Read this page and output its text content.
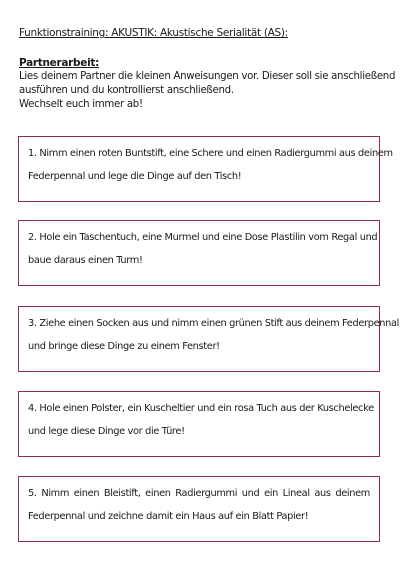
Funktionstraining: AKUSTIK: Akustische Serialität (AS):
Partnerarbeit:
Lies deinem Partner die kleinen Anweisungen vor. Dieser soll sie anschließend
ausführen und du kontrollierst anschließend.
Wechselt euch immer ab!
1. Nimm einen roten Buntstift, eine Schere und einen Radiergummi aus deinem
Federpennal und lege die Dinge auf den Tisch!
2. Hole ein Taschentuch, eine Murmel und eine Dose Plastilin vom Regal und
baue daraus einen Turm!
3. Ziehe einen Socken aus und nimm einen grünen Stift aus deinem Federpennal
und bringe diese Dinge zu einem Fenster!
4. Hole einen Polster, ein Kuscheltier und ein rosa Tuch aus der Kuschelecke
und lege diese Dinge vor die Türe!
5. Nimm einen Bleistift, einen Radiergummi und ein Lineal aus deinem
Federpennal und zeichne damit ein Haus auf ein Blatt Papier!
